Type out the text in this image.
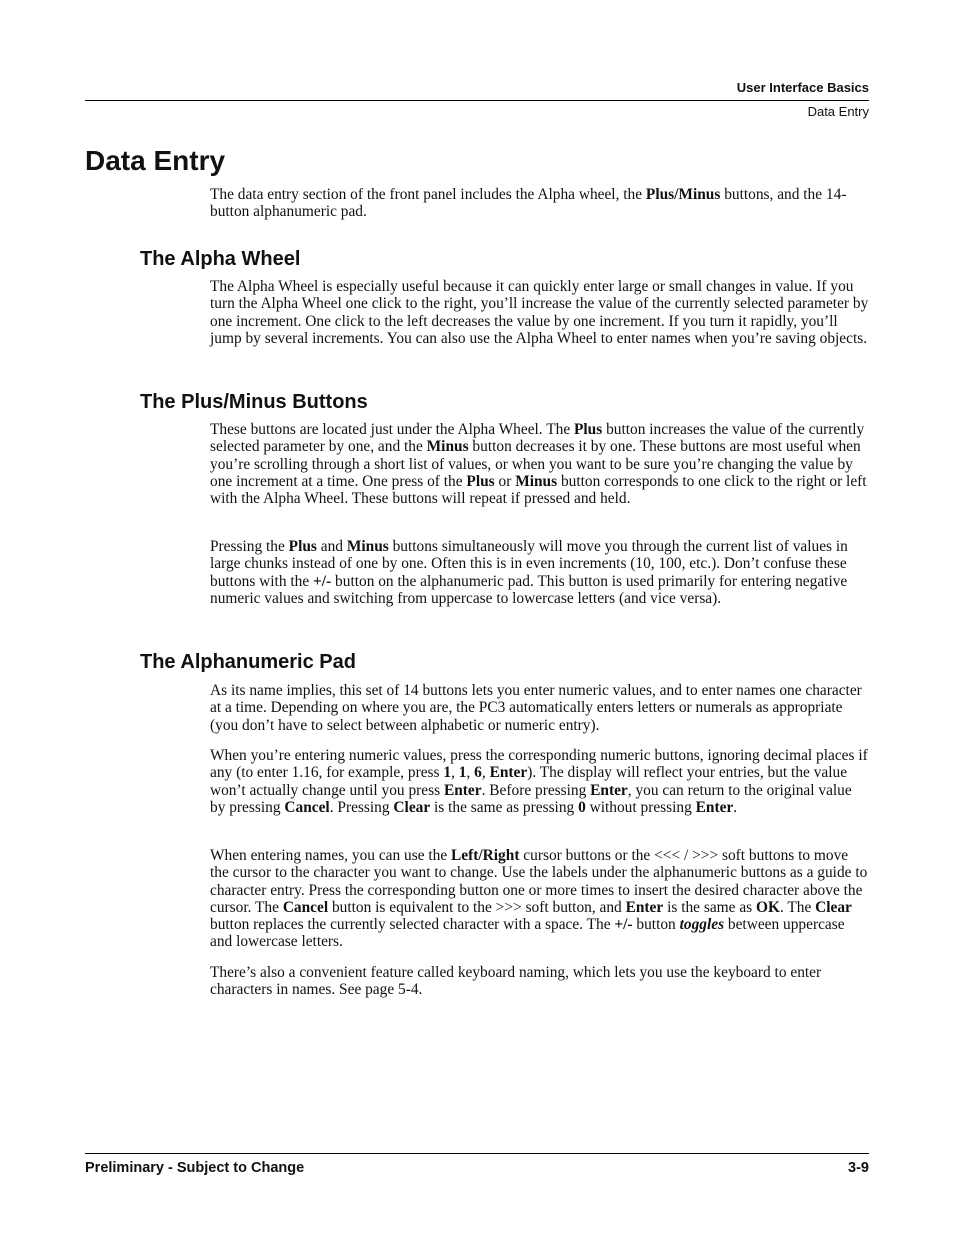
User Interface Basics
Data Entry
Data Entry

The data entry section of the front panel includes the Alpha wheel, the Plus/Minus buttons, and the 14-button alphanumeric pad.

The Alpha Wheel

The Alpha Wheel is especially useful because it can quickly enter large or small changes in value. If you turn the Alpha Wheel one click to the right, you’ll increase the value of the currently selected parameter by one increment. One click to the left decreases the value by one increment. If you turn it rapidly, you’ll jump by several increments. You can also use the Alpha Wheel to enter names when you’re saving objects.

The Plus/Minus Buttons

These buttons are located just under the Alpha Wheel. The Plus button increases the value of the currently selected parameter by one, and the Minus button decreases it by one. These buttons are most useful when you’re scrolling through a short list of values, or when you want to be sure you’re changing the value by one increment at a time. One press of the Plus or Minus button corresponds to one click to the right or left with the Alpha Wheel. These buttons will repeat if pressed and held.

Pressing the Plus and Minus buttons simultaneously will move you through the current list of values in large chunks instead of one by one. Often this is in even increments (10, 100, etc.). Don’t confuse these buttons with the +/- button on the alphanumeric pad. This button is used primarily for entering negative numeric values and switching from uppercase to lowercase letters (and vice versa).

The Alphanumeric Pad

As its name implies, this set of 14 buttons lets you enter numeric values, and to enter names one character at a time. Depending on where you are, the PC3 automatically enters letters or numerals as appropriate (you don’t have to select between alphabetic or numeric entry).

When you’re entering numeric values, press the corresponding numeric buttons, ignoring decimal places if any (to enter 1.16, for example, press 1, 1, 6, Enter). The display will reflect your entries, but the value won’t actually change until you press Enter. Before pressing Enter, you can return to the original value by pressing Cancel. Pressing Clear is the same as pressing 0 without pressing Enter.

When entering names, you can use the Left/Right cursor buttons or the <<< / >>> soft buttons to move the cursor to the character you want to change. Use the labels under the alphanumeric buttons as a guide to character entry. Press the corresponding button one or more times to insert the desired character above the cursor. The Cancel button is equivalent to the >>> soft button, and Enter is the same as OK. The Clear button replaces the currently selected character with a space. The +/- button toggles between uppercase and lowercase letters.

There’s also a convenient feature called keyboard naming, which lets you use the keyboard to enter characters in names. See page 5-4.

Preliminary - Subject to Change	3-9
